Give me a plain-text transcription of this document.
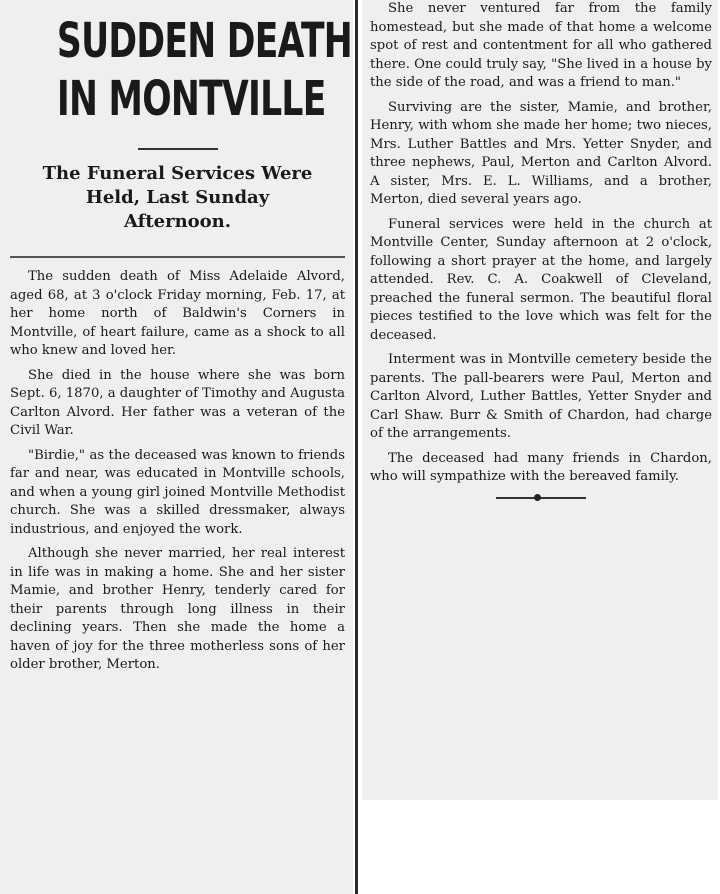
SUDDEN DEATH
IN MONTVILLE
The Funeral Services Were
Held, Last Sunday
Afternoon.

The sudden death of Miss Adelaide Alvord, aged 68, at 3 o'clock Friday morning, Feb. 17, at her home north of Baldwin's Corners in Montville, of heart failure, came as a shock to all who knew and loved her.

She died in the house where she was born Sept. 6, 1870, a daughter of Timothy and Augusta Carlton Alvord. Her father was a veteran of the Civil War.

"Birdie," as the deceased was known to friends far and near, was educated in Montville schools, and when a young girl joined Montville Methodist church. She was a skilled dressmaker, always industrious, and enjoyed the work.

Although she never married, her real interest in life was in making a home. She and her sister Mamie, and brother Henry, tenderly cared for their parents through long illness in their declining years. Then she made the home a haven of joy for the three motherless sons of her older brother, Merton.

She never ventured far from the family homestead, but she made of that home a welcome spot of rest and contentment for all who gathered there. One could truly say, "She lived in a house by the side of the road, and was a friend to man."

Surviving are the sister, Mamie, and brother, Henry, with whom she made her home; two nieces, Mrs. Luther Battles and Mrs. Yetter Snyder, and three nephews, Paul, Merton and Carlton Alvord. A sister, Mrs. E. L. Williams, and a brother, Merton, died several years ago.

Funeral services were held in the church at Montville Center, Sunday afternoon at 2 o'clock, following a short prayer at the home, and largely attended. Rev. C. A. Coakwell of Cleveland, preached the funeral sermon. The beautiful floral pieces testified to the love which was felt for the deceased.

Interment was in Montville cemetery beside the parents. The pall-bearers were Paul, Merton and Carlton Alvord, Luther Battles, Yetter Snyder and Carl Shaw. Burr & Smith of Chardon, had charge of the arrangements.

The deceased had many friends in Chardon, who will sympathize with the bereaved family.
